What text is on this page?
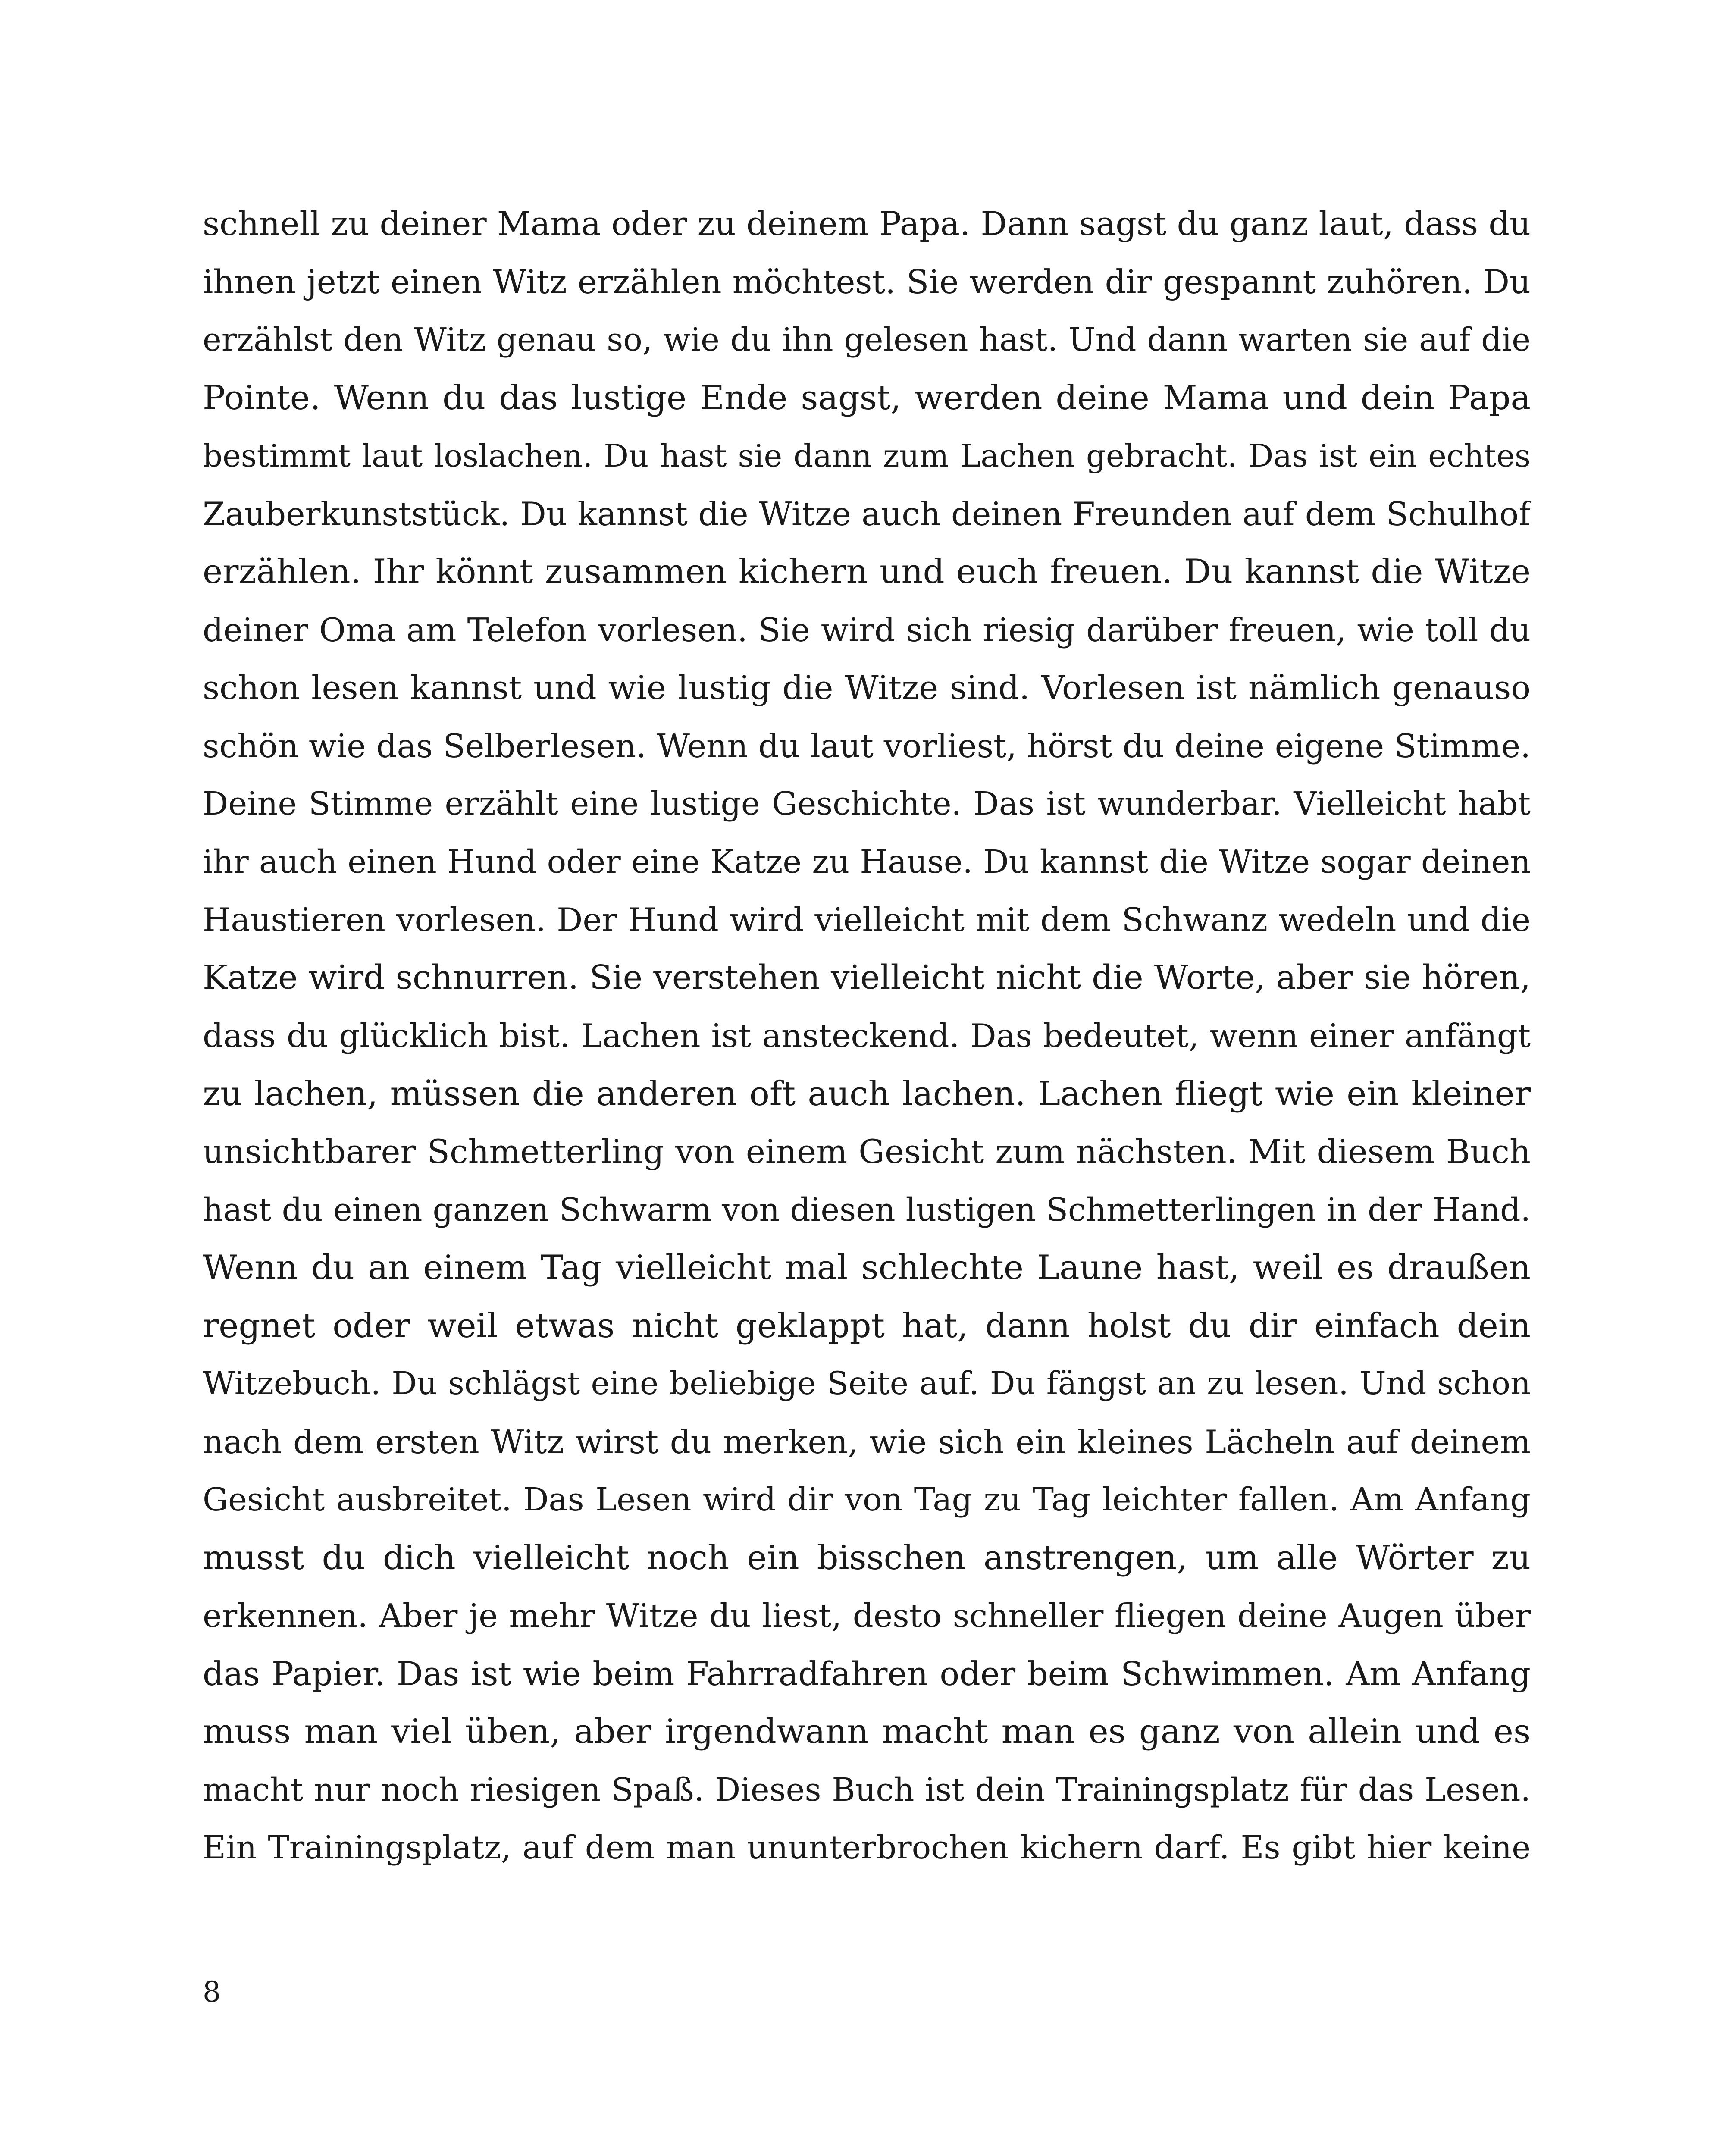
schnell zu deiner Mama oder zu deinem Papa. Dann sagst du ganz laut, dass du
ihnen jetzt einen Witz erzählen möchtest. Sie werden dir gespannt zuhören. Du
erzählst den Witz genau so, wie du ihn gelesen hast. Und dann warten sie auf die
Pointe. Wenn du das lustige Ende sagst, werden deine Mama und dein Papa
bestimmt laut loslachen. Du hast sie dann zum Lachen gebracht. Das ist ein echtes
Zauberkunststück. Du kannst die Witze auch deinen Freunden auf dem Schulhof
erzählen. Ihr könnt zusammen kichern und euch freuen. Du kannst die Witze
deiner Oma am Telefon vorlesen. Sie wird sich riesig darüber freuen, wie toll du
schon lesen kannst und wie lustig die Witze sind. Vorlesen ist nämlich genauso
schön wie das Selberlesen. Wenn du laut vorliest, hörst du deine eigene Stimme.
Deine Stimme erzählt eine lustige Geschichte. Das ist wunderbar. Vielleicht habt
ihr auch einen Hund oder eine Katze zu Hause. Du kannst die Witze sogar deinen
Haustieren vorlesen. Der Hund wird vielleicht mit dem Schwanz wedeln und die
Katze wird schnurren. Sie verstehen vielleicht nicht die Worte, aber sie hören,
dass du glücklich bist. Lachen ist ansteckend. Das bedeutet, wenn einer anfängt
zu lachen, müssen die anderen oft auch lachen. Lachen fliegt wie ein kleiner
unsichtbarer Schmetterling von einem Gesicht zum nächsten. Mit diesem Buch
hast du einen ganzen Schwarm von diesen lustigen Schmetterlingen in der Hand.
Wenn du an einem Tag vielleicht mal schlechte Laune hast, weil es draußen
regnet oder weil etwas nicht geklappt hat, dann holst du dir einfach dein
Witzebuch. Du schlägst eine beliebige Seite auf. Du fängst an zu lesen. Und schon
nach dem ersten Witz wirst du merken, wie sich ein kleines Lächeln auf deinem
Gesicht ausbreitet. Das Lesen wird dir von Tag zu Tag leichter fallen. Am Anfang
musst du dich vielleicht noch ein bisschen anstrengen, um alle Wörter zu
erkennen. Aber je mehr Witze du liest, desto schneller fliegen deine Augen über
das Papier. Das ist wie beim Fahrradfahren oder beim Schwimmen. Am Anfang
muss man viel üben, aber irgendwann macht man es ganz von allein und es
macht nur noch riesigen Spaß. Dieses Buch ist dein Trainingsplatz für das Lesen.
Ein Trainingsplatz, auf dem man ununterbrochen kichern darf. Es gibt hier keine
8
